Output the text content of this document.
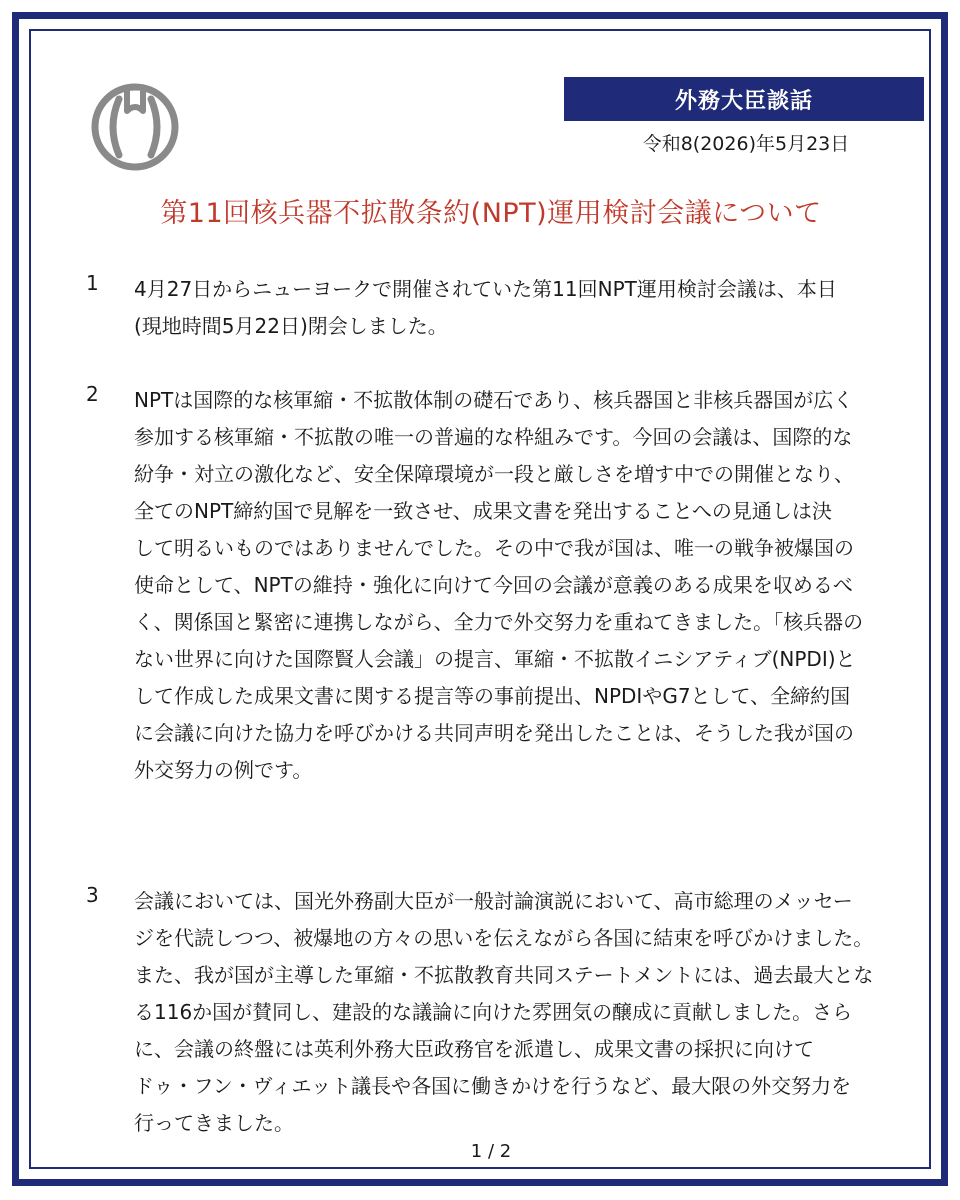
外務大臣談話
令和8(2026)年5月23日
第11回核兵器不拡散条約(NPT)運用検討会議について
1 4月27日からニューヨークで開催されていた第11回NPT運用検討会議は、本日
(現地時間5月22日)閉会しました。
2 NPTは国際的な核軍縮・不拡散体制の礎石であり、核兵器国と非核兵器国が広く
参加する核軍縮・不拡散の唯一の普遍的な枠組みです。今回の会議は、国際的な
紛争・対立の激化など、安全保障環境が一段と厳しさを増す中での開催となり、
全てのNPT締約国で見解を一致させ、成果文書を発出することへの見通しは決
して明るいものではありませんでした。その中で我が国は、唯一の戦争被爆国の
使命として、NPTの維持・強化に向けて今回の会議が意義のある成果を収めるべ
く、関係国と緊密に連携しながら、全力で外交努力を重ねてきました。「核兵器の
ない世界に向けた国際賢人会議」の提言、軍縮・不拡散イニシアティブ(NPDI)と
して作成した成果文書に関する提言等の事前提出、NPDIやG7として、全締約国
に会議に向けた協力を呼びかける共同声明を発出したことは、そうした我が国の
外交努力の例です。
3 会議においては、国光外務副大臣が一般討論演説において、高市総理のメッセー
ジを代読しつつ、被爆地の方々の思いを伝えながら各国に結束を呼びかけました。
また、我が国が主導した軍縮・不拡散教育共同ステートメントには、過去最大とな
る116か国が賛同し、建設的な議論に向けた雰囲気の醸成に貢献しました。さら
に、会議の終盤には英利外務大臣政務官を派遣し、成果文書の採択に向けて
ドゥ・フン・ヴィエット議長や各国に働きかけを行うなど、最大限の外交努力を
行ってきました。
1 / 2
